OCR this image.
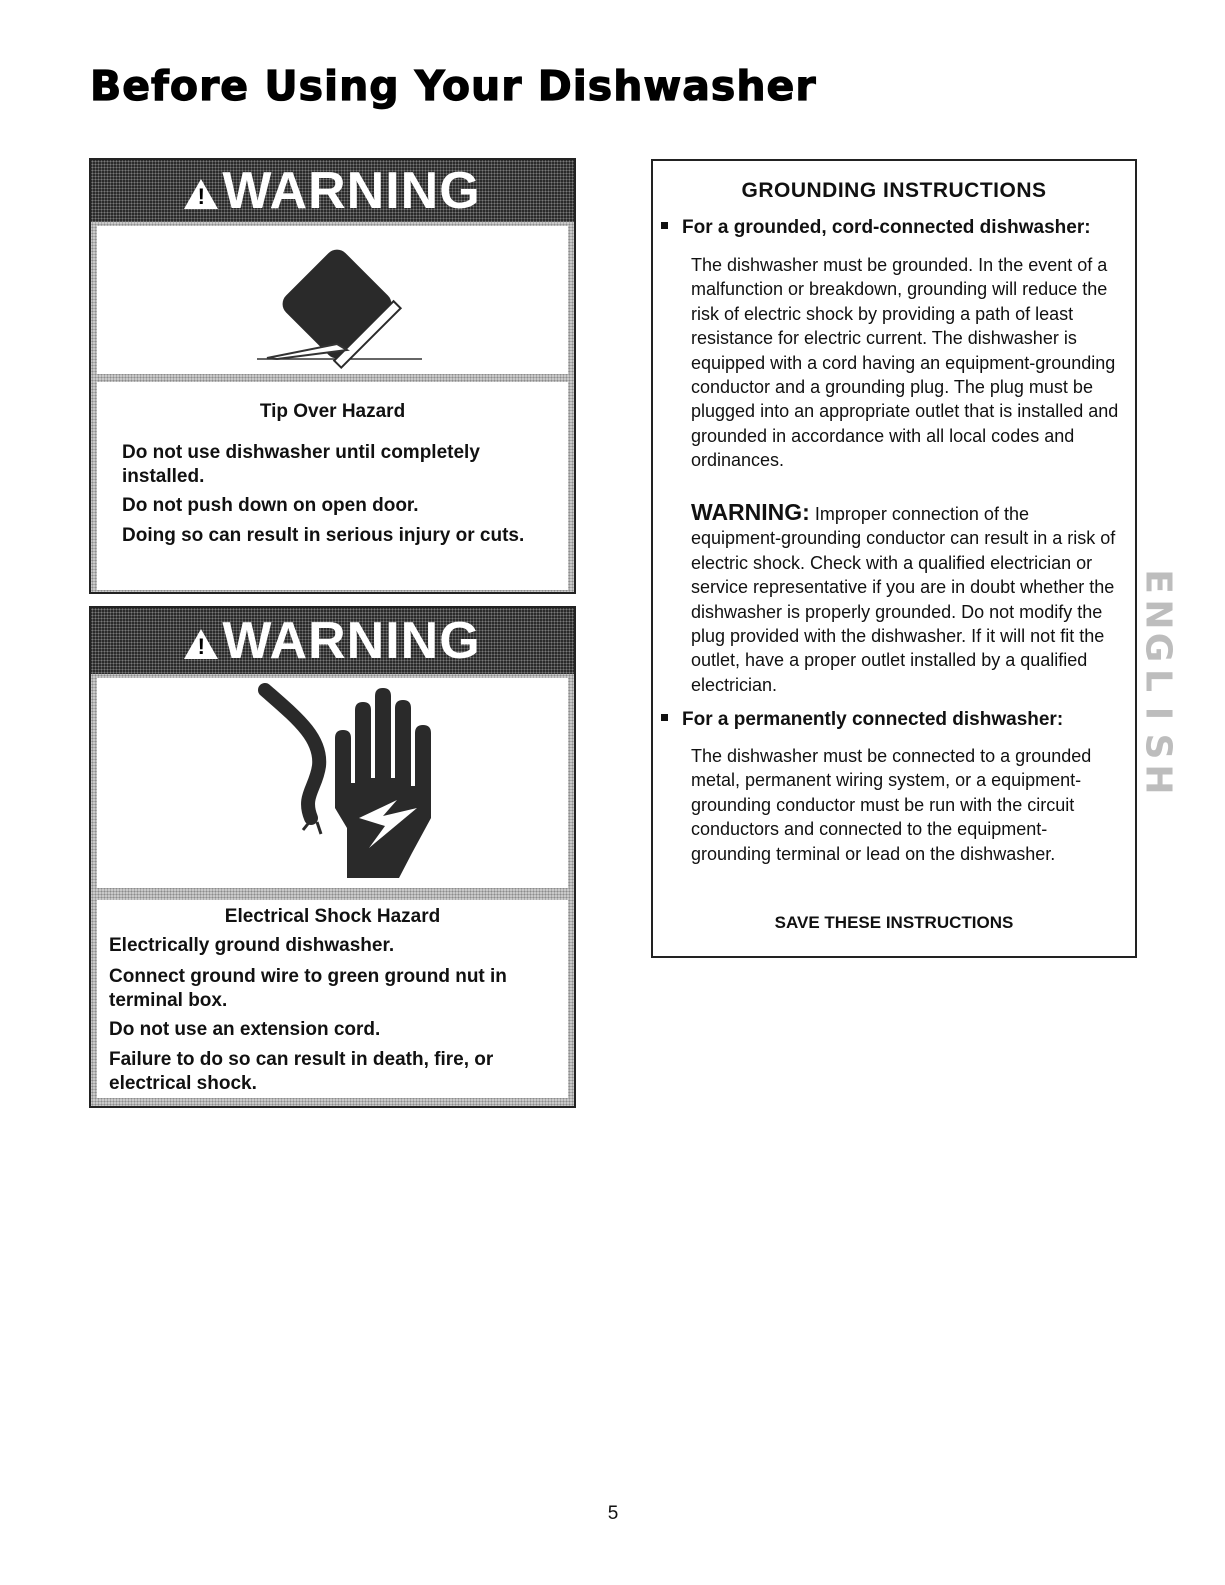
Before Using Your Dishwasher
! WARNING

Tip Over Hazard

Do not use dishwasher until completely installed.

Do not push down on open door.

Doing so can result in serious injury or cuts.

! WARNING

Electrical Shock Hazard

Electrically ground dishwasher.

Connect ground wire to green ground nut in terminal box.

Do not use an extension cord.

Failure to do so can result in death, fire, or electrical shock.

GROUNDING INSTRUCTIONS

For a grounded, cord-connected dishwasher:

The dishwasher must be grounded. In the event of a malfunction or breakdown, grounding will reduce the risk of electric shock by providing a path of least resistance for electric current. The dishwasher is equipped with a cord having an equipment-grounding conductor and a grounding plug. The plug must be plugged into an appropriate outlet that is installed and grounded in accordance with all local codes and ordinances.

WARNING: Improper connection of the equipment-grounding conductor can result in a risk of electric shock. Check with a qualified electrician or service representative if you are in doubt whether the dishwasher is properly grounded. Do not modify the plug provided with the dishwasher. If it will not fit the outlet, have a proper outlet installed by a qualified electrician.

For a permanently connected dishwasher:

The dishwasher must be connected to a grounded metal, permanent wiring system, or a equipment-grounding conductor must be run with the circuit conductors and connected to the equipment-grounding terminal or lead on the dishwasher.

SAVE THESE INSTRUCTIONS

E
N
G
L
I
S
H

5
